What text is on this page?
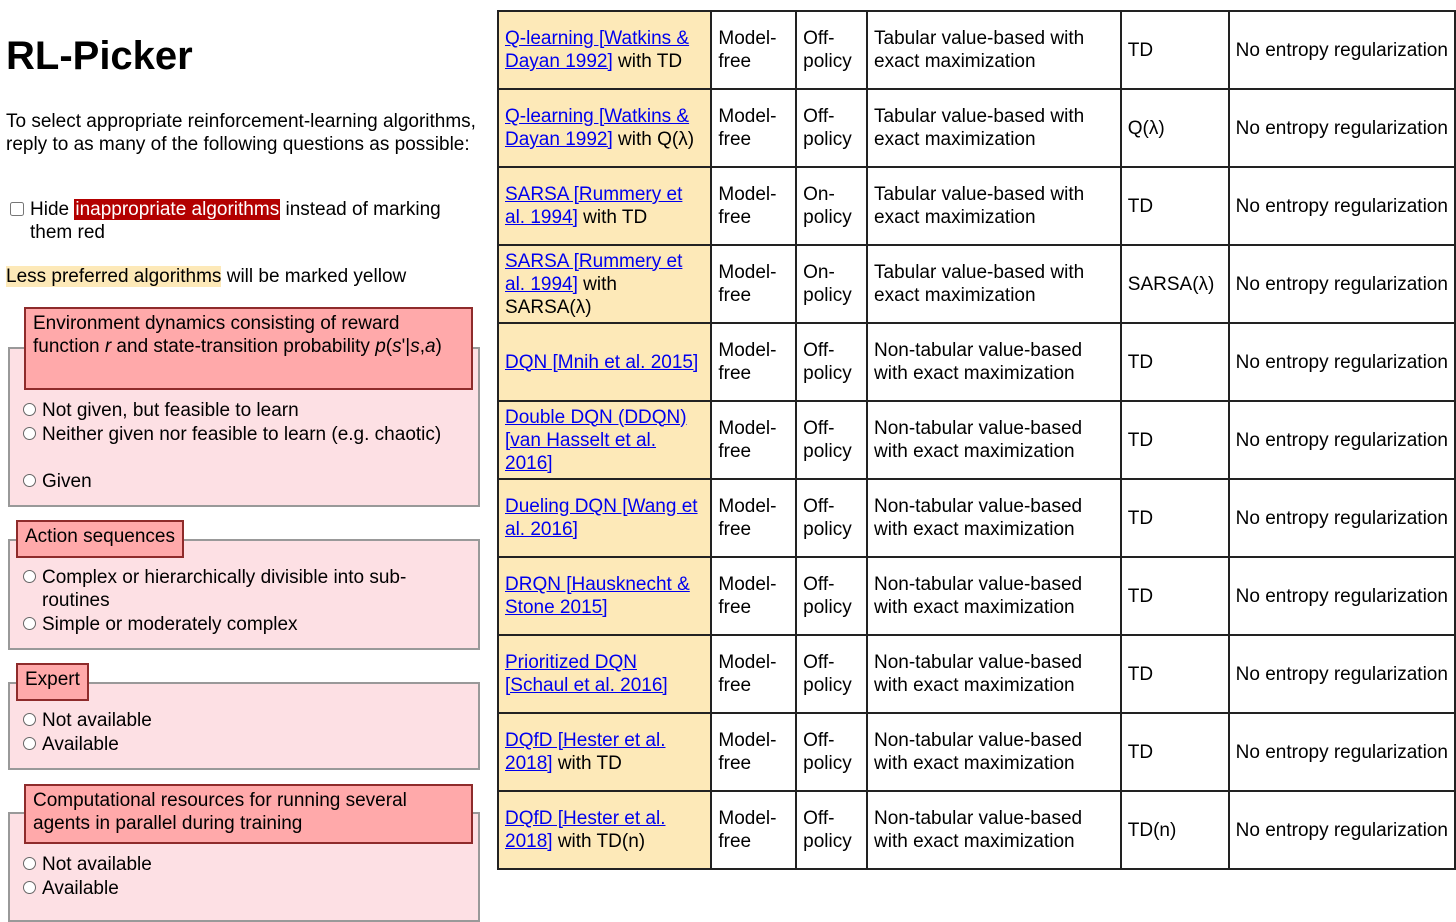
RL-Picker

To select appropriate reinforcement-learning algorithms, reply to as many of the following questions as possible:

Hide inappropriate algorithms instead of marking them red
Less preferred algorithms will be marked yellow
Environment dynamics consisting of reward function r and state-transition probability p(s'|s,a)
Not given, but feasible to learn
Neither given nor feasible to learn (e.g. chaotic)
Given
Action sequences
Complex or hierarchically divisible into sub-routines
Simple or moderately complex
Expert
Not available
Available
Computational resources for running several agents in parallel during training
Not available
Available
Q-learning [Watkins & Dayan 1992] with TD	Model-free	Off-policy	Tabular value-based with exact maximization	TD	No entropy regularization
Q-learning [Watkins & Dayan 1992] with Q(λ)	Model-free	Off-policy	Tabular value-based with exact maximization	Q(λ)	No entropy regularization
SARSA [Rummery et al. 1994] with TD	Model-free	On-policy	Tabular value-based with exact maximization	TD	No entropy regularization
SARSA [Rummery et al. 1994] with SARSA(λ)	Model-free	On-policy	Tabular value-based with exact maximization	SARSA(λ)	No entropy regularization
DQN [Mnih et al. 2015]	Model-free	Off-policy	Non-tabular value-based with exact maximization	TD	No entropy regularization
Double DQN (DDQN) [van Hasselt et al. 2016]	Model-free	Off-policy	Non-tabular value-based with exact maximization	TD	No entropy regularization
Dueling DQN [Wang et al. 2016]	Model-free	Off-policy	Non-tabular value-based with exact maximization	TD	No entropy regularization
DRQN [Hausknecht & Stone 2015]	Model-free	Off-policy	Non-tabular value-based with exact maximization	TD	No entropy regularization
Prioritized DQN [Schaul et al. 2016]	Model-free	Off-policy	Non-tabular value-based with exact maximization	TD	No entropy regularization
DQfD [Hester et al. 2018] with TD	Model-free	Off-policy	Non-tabular value-based with exact maximization	TD	No entropy regularization
DQfD [Hester et al. 2018] with TD(n)	Model-free	Off-policy	Non-tabular value-based with exact maximization	TD(n)	No entropy regularization
